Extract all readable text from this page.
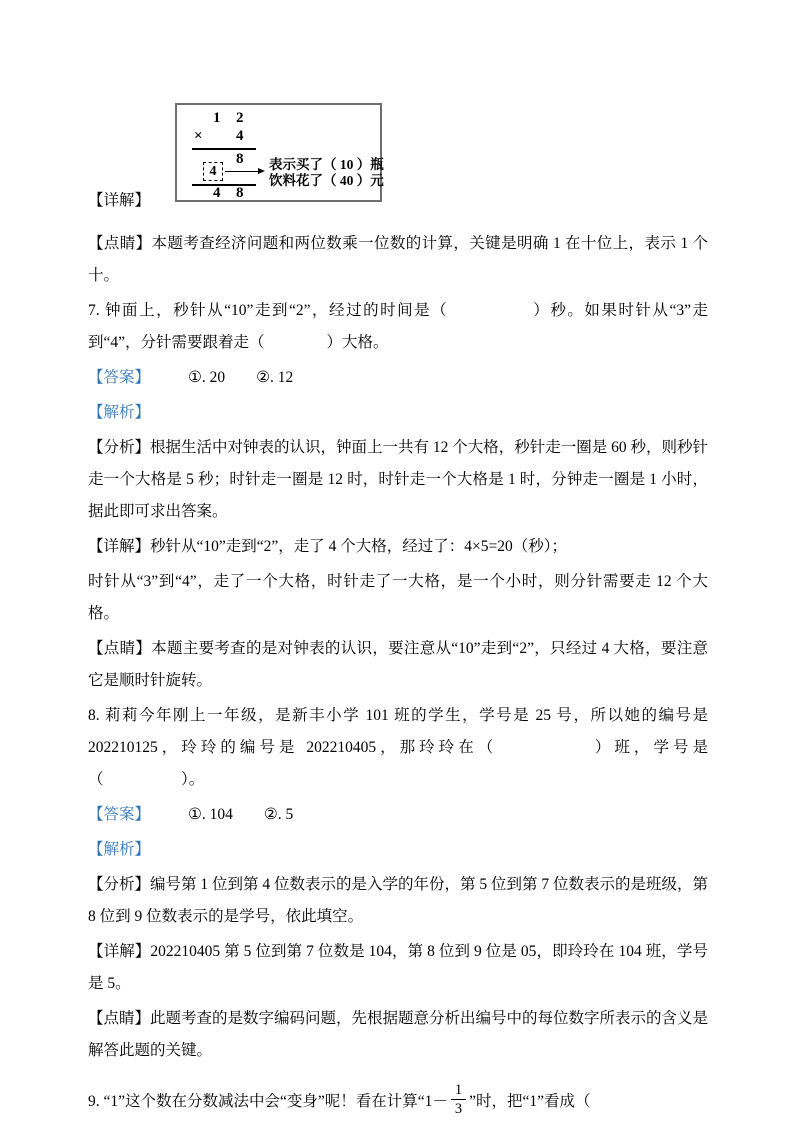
1 2
× 4
8
4	表示买了（ 10 ）瓶
饮料花了（ 40 ）元
4 8
【详解】

【点睛】本题考查经济问题和两位数乘一位数的计算，关键是明确 1 在十位上，表示 1 个十。

7. 钟面上，秒针从“10”走到“2”，经过的时间是（　　　　　）秒。如果时针从“3”走到“4”，分针需要跟着走（　　　　）大格。

【答案】 ①. 20　　②. 12

【解析】

【分析】根据生活中对钟表的认识，钟面上一共有 12 个大格，秒针走一圈是 60 秒，则秒针走一个大格是 5 秒；时针走一圈是 12 时，时针走一个大格是 1 时，分钟走一圈是 1 小时，据此即可求出答案。

【详解】秒针从“10”走到“2”，走了 4 个大格，经过了：4×5=20（秒）；

时针从“3”到“4”，走了一个大格，时针走了一大格，是一个小时，则分针需要走 12 个大格。

【点睛】本题主要考查的是对钟表的认识，要注意从“10”走到“2”，只经过 4 大格，要注意它是顺时针旋转。

8. 莉莉今年刚上一年级，是新丰小学 101 班的学生，学号是 25 号，所以她的编号是 202210125，玲玲的编号是 202210405，那玲玲在（　　　　　）班，学号是（　　　　　）。

【答案】 ①. 104　　②. 5

【解析】

【分析】编号第 1 位到第 4 位数表示的是入学的年份，第 5 位到第 7 位数表示的是班级，第 8 位到 9 位数表示的是学号，依此填空。

【详解】202210405 第 5 位到第 7 位数是 104，第 8 位到 9 位是 05，即玲玲在 104 班，学号是 5。

【点睛】此题考查的是数字编码问题，先根据题意分析出编号中的每位数字所表示的含义是解答此题的关键。

9. “1”这个数在分数减法中会“变身”呢！看在计算“$1- \frac{1}{3}$ ”时，把“1”看成（
